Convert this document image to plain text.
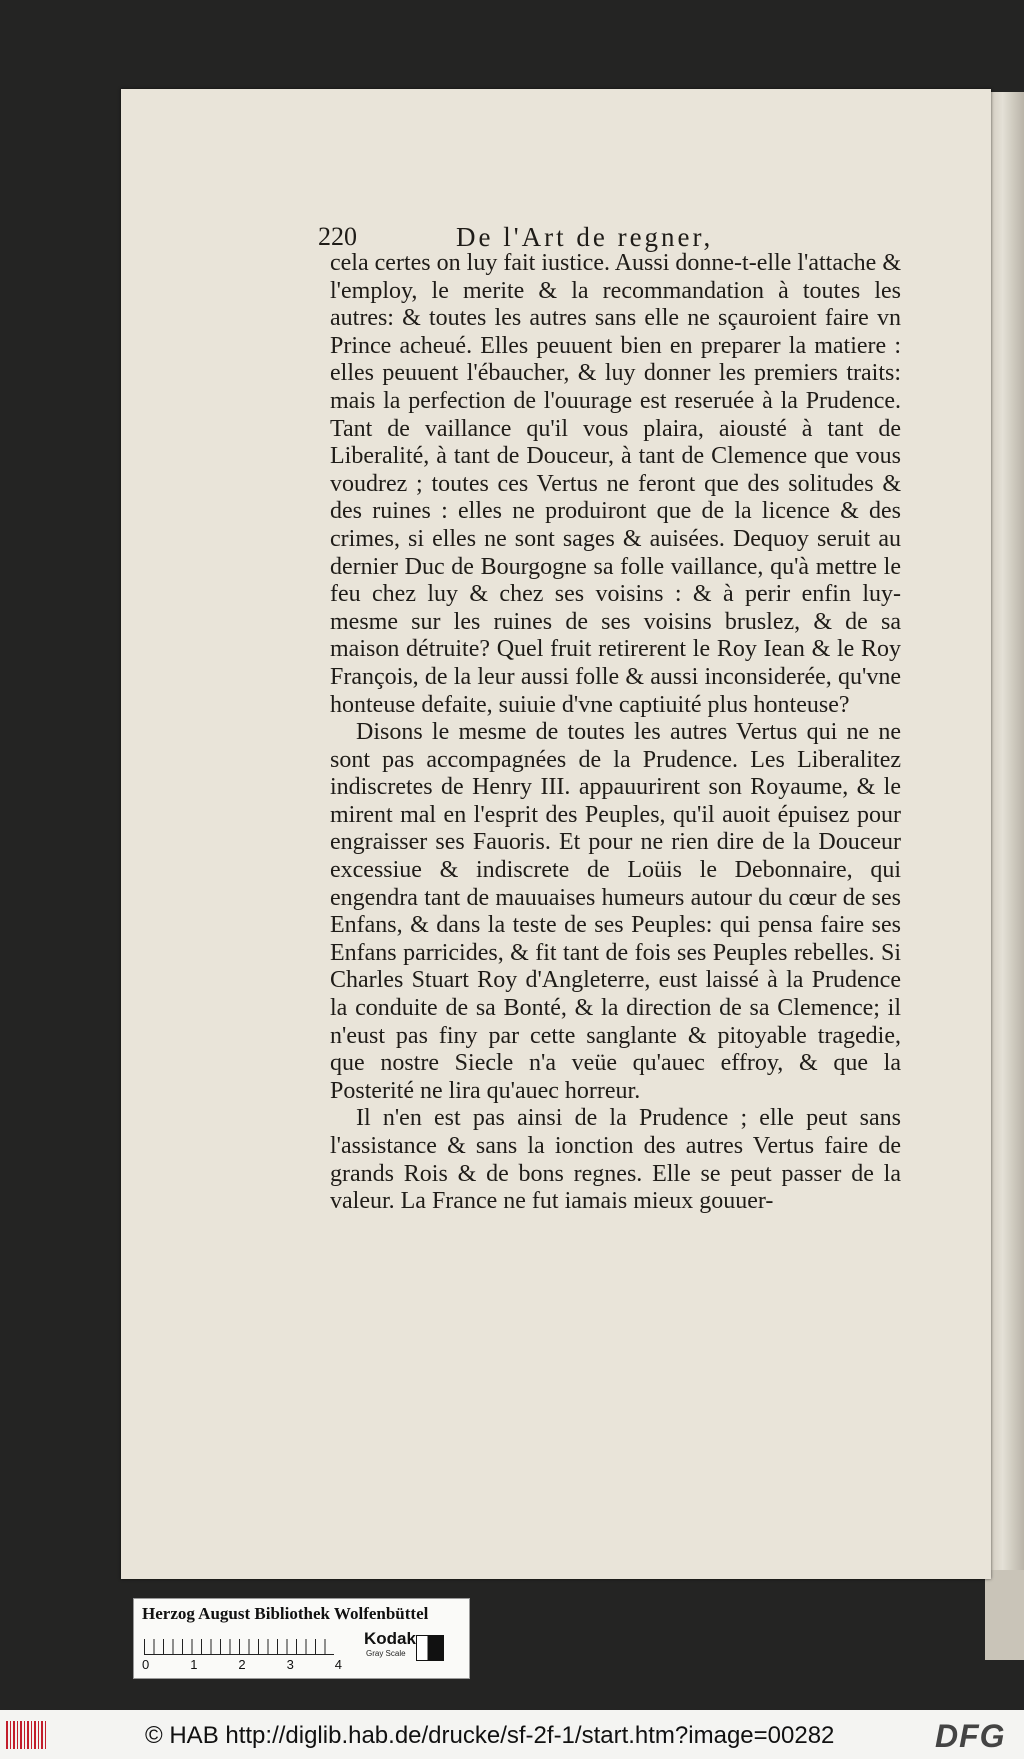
220	De l'Art de regner,

cela certes on luy fait iustice. Aussi donne-t-elle l'attache & l'employ, le merite & la recommandation à toutes les autres: & toutes les autres sans elle ne sçauroient faire vn Prince acheué. Elles peuuent bien en preparer la matiere : elles peuuent l'ébaucher, & luy donner les premiers traits: mais la perfection de l'ouurage est reseruée à la Prudence. Tant de vaillance qu'il vous plaira, aiousté à tant de Liberalité, à tant de Douceur, à tant de Clemence que vous voudrez ; toutes ces Vertus ne feront que des solitudes & des ruines : elles ne produiront que de la licence & des crimes, si elles ne sont sages & auisées. Dequoy seruit au dernier Duc de Bourgogne sa folle vaillance, qu'à mettre le feu chez luy & chez ses voisins : & à perir enfin luy-mesme sur les ruines de ses voisins bruslez, & de sa maison détruite? Quel fruit retirerent le Roy Iean & le Roy François, de la leur aussi folle & aussi inconsiderée, qu'vne honteuse defaite, suiuie d'vne captiuité plus honteuse?

Disons le mesme de toutes les autres Vertus qui ne ne sont pas accompagnées de la Prudence. Les Liberalitez indiscretes de Henry III. appauurirent son Royaume, & le mirent mal en l'esprit des Peuples, qu'il auoit épuisez pour engraisser ses Fauoris. Et pour ne rien dire de la Douceur excessiue & indiscrete de Loüis le Debonnaire, qui engendra tant de mauuaises humeurs autour du cœur de ses Enfans, & dans la teste de ses Peuples: qui pensa faire ses Enfans parricides, & fit tant de fois ses Peuples rebelles. Si Charles Stuart Roy d'Angleterre, eust laissé à la Prudence la conduite de sa Bonté, & la direction de sa Clemence; il n'eust pas finy par cette sanglante & pitoyable tragedie, que nostre Siecle n'a veüe qu'auec effroy, & que la Posterité ne lira qu'auec horreur.

Il n'en est pas ainsi de la Prudence ; elle peut sans l'assistance & sans la ionction des autres Vertus faire de grands Rois & de bons regnes. Elle se peut passer de la valeur. La France ne fut iamais mieux gouuer-

Herzog August Bibliothek Wolfenbüttel
0	1	2	3	4
Kodak
Gray Scale
© HAB http://diglib.hab.de/drucke/sf-2f-1/start.htm?image=00282	DFG
